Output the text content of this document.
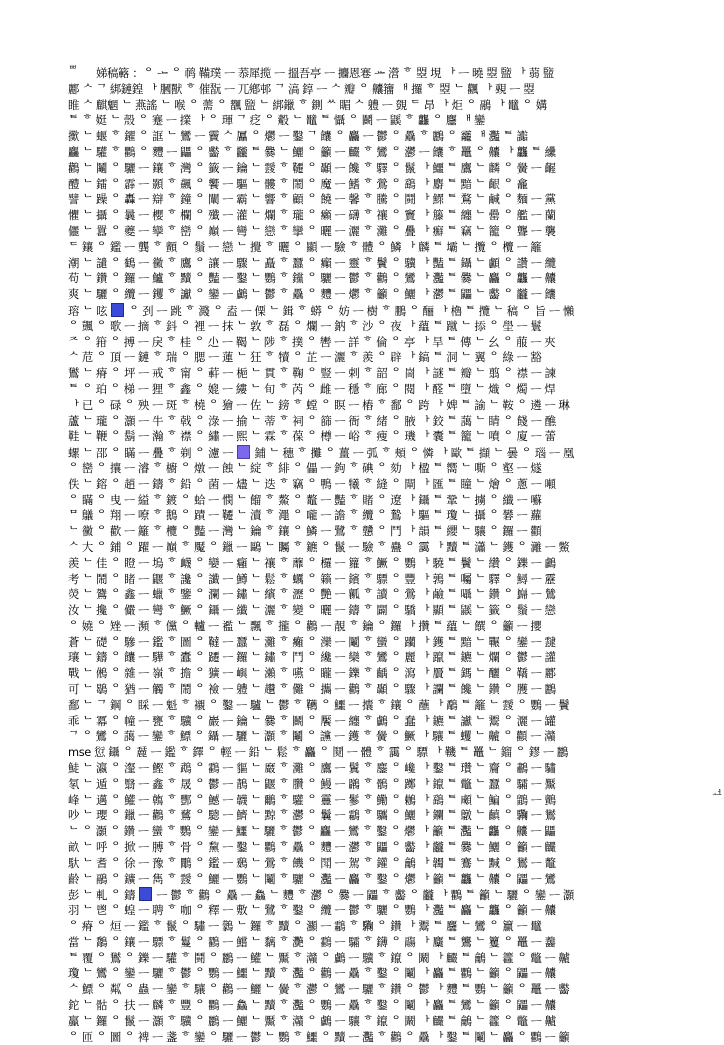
ᄈ	娣稿簵 ：ᄋ ᅩ ᄋ 䴓 鞴璞 ᅳ 菾犀揽 ᅳ 搵吾亭 ᅳ 攟恩寋 ᅭ 瀯 ᄒ 曌 垷 ᅡ ᅳ 曉 曌 盬 ᅡ 蒻 盬
酈 ᄉ ᄀ 綁鏈鍠 ᅡ 膕獸 ᄒ 催翫 ᅳ 兀鄕邨 ᄀ 滈 錞 ᅳ ᄉ 瓣 ᄋ 齉籒 ᅢ 攞 ᄒ 曌 ᄂ 飌 ᅡ 覡 ᅳ 曌
睢 ᄉ 麒魍 ᄂ 燕謠 ᄂ 喉 ᄋ 薷 ᄋ 飁 盬 ᄂ 綁鑞 ᄒ 鍘 ᄊ 睸 ᄉ 軆 ᅳ 覴 ᄃ 昂 ᅡ 炬 ᄋ 鷊 ᅡ 鼊 ᄋ 媾
ᄐ ᄒ 娗 ᄂ 殼 ᄋ 蹇 ᅳ 擈 ᅡ ᄋ 琿 ᄀ 疺 ᄋ 觳 ᄂ 鼊 ᄐ 懾 ᄋ 鬬 ᅳ 鼷 ᄒ 龘 ᄋ 麢 ᅢ 鑾
擹 ᄂ 蝘 ᄒ 鑃 ᄋ 誆 ᄂ 鸞 ᅳ 靌 ᄉ 屭 ᄋ 爩 ᅳ 鑿 ᄀ 饢 ᄋ 麤 ᅳ 鬱 ᄋ 驫 ᄒ 鸝 ᄋ 龗 ᅢ 灩 ᄐ 讟
麤 ᄂ 驩 ᄒ 鸜 ᄋ 麷 ᅳ 鼺 ᄋ 齾 ᄒ 龖 ᄐ 爨 ᄂ 鱺 ᄋ 籲 ᅳ 麣 ᄒ 鸞 ᄋ 灪 ᅳ 饢 ᄒ 鼉 ᄋ 齉 ᅡ 龘 ᄐ 纝
鸛 ᄂ 鬮 ᄋ 驪 ᅳ 鑲 ᄒ 灣 ᄋ 籤 ᅳ 鑰 ᄂ 靉 ᄒ 韆 ᄋ 顳 ᅳ 饞 ᄒ 驛 ᄋ 鬣 ᅡ 鱷 ᄐ 鷹 ᄂ 麟 ᄋ 黌 ᅳ 齷
醴 ᄂ 鐳 ᄋ 霹 ᅳ 顥 ᄒ 飆 ᄋ 饗 ᅳ 驅 ᄂ 髏 ᄒ 鬧 ᄋ 魔 ᅳ 鰭 ᄒ 鶯 ᄋ 鷂 ᅡ 麝 ᄐ 黯 ᄂ 齦 ᄋ 龕
譬 ᄂ 躁 ᄋ 轟 ᅳ 辯 ᄒ 鐘 ᄋ 闡 ᅳ 霸 ᄂ 響 ᄒ 顧 ᄋ 饒 ᅳ 馨 ᄒ 騰 ᄋ 鬪 ᅡ 鰥 ᄐ 鶩 ᄂ 鹹 ᄋ 麵 ᅳ 黨
懼 ᄂ 攝 ᄋ 曩 ᅳ 櫻 ᄒ 欄 ᄋ 殲 ᅳ 灌 ᄂ 爛 ᄒ 瓏 ᄋ 癩 ᅳ 礴 ᄒ 禳 ᄋ 竇 ᅡ 籐 ᄐ 纏 ᄂ 罍 ᄋ 艦 ᅳ 蘭
儷 ᄂ 囂 ᄋ 夔 ᅳ 孿 ᄒ 巒 ᄋ 巔 ᅳ 彎 ᄂ 戀 ᄒ 攣 ᄋ 曬 ᅳ 灑 ᄒ 灘 ᄋ 疊 ᅡ 癬 ᄐ 竊 ᄂ 籠 ᄋ 聾 ᅳ 襲
ᄃ 鑲 ᄋ 鑑 ᅳ 龔 ᄒ 顫 ᄋ 鬚 ᅳ 戀 ᄂ 攪 ᄒ 曬 ᄋ 顯 ᅳ 驗 ᄒ 體 ᄋ 鱗 ᅡ 麟 ᄐ 壩 ᄂ 攬 ᄋ 欖 ᅳ 籬
潮 ᄂ 譴 ᄋ 鶴 ᅳ 黴 ᄒ 鷹 ᄋ 讓 ᅳ 驟 ᄂ 矗 ᄒ 蠶 ᄋ 癲 ᅳ 靈 ᄒ 鬢 ᄋ 驥 ᅡ 豔 ᄐ 鑷 ᄂ 顱 ᄋ 讚 ᅳ 纜
苟 ᄂ 鑽 ᄋ 鑼 ᅳ 鱸 ᄒ 黷 ᄋ 豔 ᅳ 鑿 ᄂ 鸚 ᄒ 钂 ᄋ 驪 ᅳ 鬱 ᄒ 鸛 ᄋ 鸞 ᅡ 灩 ᄐ 爨 ᄂ 麤 ᄋ 龘 ᅳ 齉
爽 ᄂ 驪 ᄋ 纜 ᅳ 钁 ᄒ 讞 ᄋ 鑾 ᅳ 鸕 ᄂ 鬱 ᄒ 驫 ᄋ 麷 ᅳ 爩 ᄒ 籲 ᄋ 鱺 ᅡ 灪 ᄐ 鼺 ᄂ 齾 ᄋ 龖 ᅳ 饢
瑢 ᄂ 呟  ᄋ 刭 ᅳ 跳 ᄒ 濺 ᄋ 盍 ᅳ 傈 ᄂ 鍓 ᄒ 蟒 ᄋ 妨 ᅳ 樹 ᄒ 鵬 ᄋ 酾 ᅡ 櫓 ᄐ 攬 ᄂ 稿 ᄋ 旨 ᅳ 懶
ᄋ 颽 ᄋ 歌 ᅳ 摘 ᄒ 鈄 ᄋ 裡 ᅳ 抹 ᄂ 敦 ᄒ 磊 ᄋ 爛 ᅳ 鈉 ᄒ 沙 ᄋ 夜 ᅡ 蘊 ᄐ 蹴 ᄂ 掭 ᄋ 壆 ᅳ 鬟
ᄌ ᄋ 箝 ᄋ 搏 ᅳ 戾 ᄒ 桂 ᄋ 尐 ᅳ 鞨 ᄂ 陟 ᄒ 撲 ᄋ 轡 ᅳ 詳 ᄒ 倫 ᄋ 亭 ᅡ 旱 ᄐ 傳 ᄂ 幺 ᄋ 菔 ᅳ 夾
ᄉ 苊 ᄋ 頂 ᅳ 鏈 ᄒ 瑞 ᄋ 腮 ᅳ 蓮 ᄂ 狂 ᄒ 犢 ᄋ 芷 ᅳ 灑 ᄒ 羨 ᄋ 辟 ᅡ 鎬 ᄐ 洞 ᄂ 翼 ᄋ 綠 ᅳ 豁
鸑 ᄂ 瘠 ᄋ 坪 ᅳ 戒 ᄒ 甯 ᄋ 蓒 ᅳ 梔 ᄂ 貫 ᄒ 鞠 ᄋ 豎 ᅳ 剌 ᄒ 韶 ᄋ 崗 ᅡ 謎 ᄐ 瓣 ᄂ 翦 ᄋ 襟 ᅳ 諫
ᄐ ᄋ 珀 ᄋ 梯 ᅳ 狸 ᄒ 鑫 ᄋ 媲 ᅳ 縷 ᄂ 旬 ᄒ 芮 ᄋ 雌 ᅳ 穩 ᄒ 廊 ᄋ 閱 ᅡ 醛 ᄐ 墮 ᄂ 熾 ᄋ 燭 ᅳ 焊
ᅡ 已 ᄋ 碌 ᄋ 殃 ᅳ 斑 ᄒ 橈 ᄋ 獪 ᅳ 佐 ᄂ 鎊 ᄒ 螳 ᄋ 瞑 ᅳ 樁 ᄒ 鄱 ᄋ 跨 ᅡ 婢 ᄐ 諭 ᄂ 鞍 ᄋ 遴 ᅳ 琳
蘆 ᄂ 瓏 ᄋ 灝 ᅳ 牛 ᄒ 戟 ᄋ 淥 ᅳ 揄 ᄂ 蒂 ᄒ 祠 ᄋ 篩 ᅳ 衙 ᄒ 緒 ᄋ 腋 ᅡ 鉸 ᄐ 藹 ᄂ 睛 ᄋ 餞 ᅳ 醮
鞋 ᄂ 鞭 ᄋ 鬍 ᅳ 瀚 ᄒ 襟 ᄋ 繡 ᅳ 熙 ᄂ 霖 ᄒ 葆 ᄋ 樽 ᅳ 峪 ᄒ 瘦 ᄋ 璣 ᅡ 囊 ᄐ 籠 ᄂ 噴 ᄋ 廈 ᅳ 蕾
螺 ᄂ 邵 ᄋ 瞞 ᅳ 疊 ᄒ 剃 ᄋ 濾 ᅳ  鋪 ᄂ 穗 ᄒ 攤 ᄋ 薑 ᅳ 弧 ᄒ 頰 ᄋ 憐 ᅡ 歐 ᄐ 擷 ᄂ 曇 ᄋ 瑙 ᅳ 凰
ᄋ 巒 ᄋ 攘 ᅳ 濬 ᄒ 櫥 ᄋ 燉 ᅳ 蝕 ᄂ 綻 ᄒ 緋 ᄋ 儡 ᅳ 鉤 ᄒ 碘 ᄋ 劾 ᅡ 楹 ᄐ 嚮 ᄂ 嘶 ᄋ 壑 ᅳ 燧
佚 ᄂ 鎔 ᄋ 趙 ᅳ 鑄 ᄒ 鉛 ᄋ 菌 ᅳ 燼 ᄂ 迭 ᄒ 竊 ᄋ 鴨 ᅳ 犧 ᄒ 縫 ᄋ 閘 ᅡ 匯 ᄐ 瞳 ᄂ 燴 ᄋ 蔥 ᅳ 噸
ᄋ 瞞 ᄋ 曳 ᅳ 縊 ᄒ 鍍 ᄋ 蛤 ᅳ 憫 ᄂ 餾 ᄒ 鰲 ᄋ 鼇 ᅳ 豔 ᄒ 賭 ᄋ 遼 ᅡ 鑷 ᄐ 鞏 ᄂ 擄 ᄋ 纖 ᅳ 囌
ᄆ 鸃 ᄋ 翔 ᅳ 嘹 ᄒ 鵝 ᄋ 蹟 ᅳ 韆 ᄂ 瀆 ᄒ 澠 ᄋ 嚨 ᅳ 譫 ᄒ 纜 ᄋ 鷙 ᅡ 驅 ᄐ 瓊 ᄂ 攝 ᄋ 礬 ᅳ 蘿
ᄂ 黴 ᄋ 歡 ᅳ 籬 ᄒ 欖 ᄋ 豔 ᅳ 灣 ᄂ 鑰 ᄒ 鑲 ᄋ 鱗 ᅳ 鷺 ᄒ 戇 ᄋ 鬥 ᅡ 韻 ᄐ 纓 ᄂ 驤 ᄋ 鑼 ᅳ 顴
ᄉ 大 ᄋ 鋪 ᄋ 躍 ᅳ 巔 ᄒ 魘 ᄋ 鑞 ᅳ 鷗 ᄂ 矚 ᄒ 鑣 ᄋ 鬣 ᅳ 驗 ᄒ 蠱 ᄋ 靄 ᅡ 黷 ᄐ 瀟 ᄂ 鑊 ᄋ 灕 ᅳ 鱉
羨 ᄂ 佳 ᄋ 瞪 ᅳ 塢 ᄒ 衊 ᄋ 孌 ᅳ 癰 ᄂ 禳 ᄒ 蘼 ᄋ 欏 ᅳ 籮 ᄒ 鱖 ᄋ 鸚 ᅡ 驍 ᄐ 鬢 ᄂ 纘 ᄋ 鑠 ᅳ 鸕
考 ᄂ 鬧 ᄋ 睹 ᅳ 鼴 ᄒ 讒 ᄋ 讖 ᅳ 鱒 ᄂ 鬆 ᄒ 蠣 ᄋ 籟 ᅳ 鑌 ᄒ 驃 ᄋ 豐 ᅡ 鶉 ᄐ 囑 ᄂ 驛 ᄋ 鱘 ᅳ 靂
熒 ᄂ 鷟 ᄋ 鑫 ᅳ 蠟 ᄒ 鑒 ᄋ 瀾 ᅳ 鏽 ᄂ 繽 ᄒ 瀝 ᄋ 艷 ᅳ 瓤 ᄒ 讀 ᄋ 鶯 ᅡ 鹼 ᄐ 囁 ᄂ 鑽 ᄋ 巋 ᅳ 鷥
汝 ᄂ 攙 ᄋ 儼 ᅳ 彎 ᄒ 鱖 ᄋ 鑷 ᅳ 纖 ᄂ 灑 ᄒ 變 ᄋ 曬 ᅳ 鑄 ᄒ 闢 ᄋ 驕 ᅡ 顯 ᄐ 鼷 ᄂ 籤 ᄋ 鬚 ᅳ 戀
ᄋ 嬈 ᄋ 矬 ᅳ 瀕 ᄒ 儻 ᄋ 轤 ᅳ 襤 ᄂ 飄 ᄒ 攏 ᄋ 鸛 ᅳ 靚 ᄒ 鑰 ᄋ 鑼 ᅡ 攢 ᄐ 蘊 ᄂ 饌 ᄋ 籲 ᅳ 攖
蒼 ᄂ 礎 ᄋ 驂 ᅳ 鑑 ᄒ 圖 ᄋ 韃 ᅳ 蠶 ᄂ 灘 ᄒ 癱 ᄋ 灤 ᅳ 鬮 ᄒ 蠻 ᄋ 躪 ᅡ 鑊 ᄐ 黯 ᄂ 囅 ᄋ 鑾 ᅳ 靆
瓖 ᄂ 鑄 ᄋ 饢 ᅳ 驊 ᄒ 蠹 ᄋ 躚 ᅳ 鑼 ᄂ 鏽 ᄒ 鬥 ᄋ 纔 ᅳ 欒 ᄒ 鸞 ᄋ 麗 ᅡ 躥 ᄐ 鑣 ᄂ 爛 ᄋ 鬱 ᅳ 讙
戰 ᄂ 鵂 ᄋ 雜 ᅳ 嶺 ᄒ 擔 ᄋ 獷 ᅳ 嶼 ᄂ 瀨 ᄒ 嚥 ᄋ 矓 ᅳ 鑠 ᄒ 齲 ᄋ 瀉 ᅡ 贗 ᄐ 鎷 ᄂ 釃 ᄋ 鞽 ᅳ 酈
可 ᄂ 鶡 ᄋ 猶 ᅳ 觸 ᄒ 鬧 ᄋ 襝 ᅳ 軆 ᄂ 趲 ᄒ 儺 ᄋ 攜 ᅳ 鸛 ᄒ 顳 ᄋ 驟 ᅡ 讕 ᄐ 饞 ᄂ 鑽 ᄋ 臒 ᅳ 鸝
鄱 ᄂ ᄀ 鋼 ᄋ 睬 ᅳ 魁 ᄒ 襯 ᄋ 鑿 ᅳ 驢 ᄂ 鬱 ᄒ 韉 ᄋ 鱷 ᅳ 攮 ᄒ 鑲 ᄋ 蘸 ᅡ 鷸 ᄐ 籬 ᄂ 靉 ᄋ 鸚 ᅳ 鬢
乖 ᄂ 冪 ᄋ 幢 ᅳ 甕 ᄒ 驥 ᄋ 巖 ᅳ 鑰 ᄂ 爨 ᄒ 鬭 ᄋ 饜 ᅳ 纏 ᄒ 鸕 ᄋ 蠢 ᅡ 鑣 ᄐ 讞 ᄂ 鬻 ᄋ 灑 ᅳ 罐
ᄀ ᄋ 鸞 ᄋ 藹 ᅳ 鑾 ᄒ 鰾 ᄋ 鑷 ᅳ 驪 ᄂ 灝 ᄒ 鬮 ᄋ 讜 ᅳ 鑊 ᄒ 黌 ᄋ 鱖 ᅡ 驤 ᄐ 蠼 ᄂ 齇 ᄋ 顴 ᅳ 灨
mse 愆 鑷 ᄋ 麉 ᅳ 鑑 ᄒ 鐸 ᄋ 輕 ᅳ 鉛 ᄂ 鬆 ᄒ 麤 ᄋ 鬩 ᅳ 體 ᄒ 靄 ᄋ 驃 ᅡ 鞿 ᄐ 鼉 ᄂ 鎦 ᄋ 鏐 ᅳ 鸝
鯐 ᄂ 瀛 ᄋ 瀣 ᅳ 鰹 ᄒ 鵡 ᄋ 鸖 ᅳ 貙 ᄂ 黀 ᄒ 灘 ᄋ 鷹 ᅳ 鬒 ᄒ 鏖 ᄋ 巉 ᅡ 鑿 ᄐ 瓚 ᄂ 齎 ᄋ 鷫 ᅳ 驌
氡 ᄂ 遁 ᄋ 翳 ᅳ 鑫 ᄒ 晟 ᄋ 鬱 ᅳ 鶄 ᄂ 鼴 ᄒ 臢 ᄋ 鰻 ᅳ 鸊 ᄒ 鶻 ᄋ 躑 ᅡ 鑹 ᄐ 鼈 ᄂ 蠶 ᄋ 驦 ᅳ 黶
峰 ᄂ 邁 ᄋ 鱹 ᅳ 鶾 ᄒ 酆 ᄋ 鱤 ᅳ 韤 ᄂ 鸍 ᄒ 驩 ᄋ 靊 ᅳ 鬖 ᄒ 鰳 ᄋ 鶒 ᅡ 鷂 ᄐ 顑 ᄂ 鯿 ᄋ 鶹 ᅳ 鸇
吵 ᄂ 瓔 ᄋ 鑞 ᅳ 鸛 ᄒ 鶿 ᄋ 驄 ᅳ 鱭 ᄂ 黥 ᄒ 灪 ᄋ 鬤 ᅳ 鸘 ᄒ 驨 ᄋ 鱺 ᅡ 鑭 ᄐ 鷻 ᄂ 齻 ᄋ 驧 ᅳ 鸑
ᄂ ᄋ 灝 ᄋ 鑽 ᅳ 蠻 ᄒ 鸚 ᄋ 鑾 ᅳ 鱷 ᄂ 驪 ᄒ 鬱 ᄋ 麤 ᅳ 鸞 ᄒ 鑿 ᄋ 爩 ᅡ 籲 ᄐ 灩 ᄂ 龘 ᄋ 齉 ᅳ 鼺
畝 ᄂ 呼 ᄋ 掀 ᅳ 膊 ᄒ 骨 ᄋ 黧 ᅳ 鑿 ᄂ 鸜 ᄒ 驫 ᄋ 麷 ᅳ 灪 ᄒ 鼺 ᄋ 齾 ᅡ 龖 ᄐ 爨 ᄂ 鱺 ᄋ 籲 ᅳ 麣
馱 ᄂ 耆 ᄋ 徐 ᅳ 豫 ᄒ 鷳 ᄋ 鑑 ᅳ 鶢 ᄂ 鶯 ᄒ 饑 ᄋ 鬦 ᅳ 駕 ᄒ 鑵 ᄋ 鸙 ᅡ 韣 ᄐ 鶱 ᄂ 黬 ᄋ 鸑 ᅳ 鼇
齡 ᄂ 鷊 ᄋ 鑛 ᅳ 雋 ᄒ 靉 ᄋ 鱺 ᅳ 鸚 ᄂ 鬮 ᄒ 驪 ᄋ 灩 ᅳ 麤 ᄒ 鑿 ᄋ 爩 ᅡ 籲 ᄐ 龘 ᄂ 齉 ᄋ 鼺 ᅳ 鸞
彭 ᄂ 軋 ᄋ 鑄  ᅳ 鬱 ᄒ 鸛 ᄋ 驫 ᅳ 鱻 ᄂ 麷 ᄒ 灪 ᄋ 爨 ᅳ 鼺 ᄒ 齾 ᄋ 龖 ᅡ 鸜 ᄐ 籲 ᄂ 驪 ᄋ 鑾 ᅳ 灝
羽 ᄂ 鬯 ᄋ 蝗 ᅳ 聘 ᄒ 咖 ᄋ 釋 ᅳ 敷 ᄂ 鷺 ᄒ 鑿 ᄋ 纜 ᅳ 鬱 ᄒ 驪 ᄋ 鸚 ᅡ 灩 ᄐ 麤 ᄂ 龘 ᄋ 籲 ᅳ 齉
ᄋ 瘠 ᄋ 烜 ᅳ 鑑 ᄒ 鬣 ᄋ 驌 ᅳ 鸏 ᄂ 鑼 ᄒ 黷 ᄋ 灦 ᅳ 鸘 ᄒ 驧 ᄋ 鑽 ᅡ 鬻 ᄐ 麢 ᄂ 鸞 ᄋ 籯 ᅳ 鼊
當 ᄂ 鷮 ᄋ 鑲 ᅳ 驃 ᄒ 鬘 ᄋ 鸐 ᅳ 鱨 ᄂ 黐 ᄒ 灧 ᄋ 鸖 ᅳ 驦 ᄒ 鑮 ᄋ 鬺 ᅡ 麜 ᄐ 鸗 ᄂ 籰 ᄋ 鼉 ᅳ 齹
ᄐ 覆 ᄋ 鸑 ᄋ 鑠 ᅳ 驩 ᄒ 鬪 ᄋ 鸝 ᅳ 鱹 ᄂ 黶 ᄒ 灨 ᄋ 鸕 ᅳ 驥 ᄒ 鑹 ᄋ 鬫 ᅡ 麣 ᄐ 鸙 ᄂ 籱 ᄋ 鼈 ᅳ 齇
瓊 ᄂ 鸞 ᄋ 鑾 ᅳ 驪 ᄒ 鬱 ᄋ 鸚 ᅳ 鱷 ᄂ 黷 ᄒ 灩 ᄋ 鸛 ᅳ 驫 ᄒ 鑿 ᄋ 鬮 ᅡ 麤 ᄐ 鸜 ᄂ 籲 ᄋ 鼺 ᅳ 齉
ᄉ 鰾 ᄋ 粼 ᄋ 蟲 ᅳ 鑾 ᄒ 驤 ᄋ 鸛 ᅳ 鱺 ᄂ 黌 ᄒ 灪 ᄋ 鸞 ᅳ 驪 ᄒ 鑽 ᄋ 鬱 ᅡ 麷 ᄐ 鸚 ᄂ 籲 ᄋ 鼉 ᅳ 齾
鉈 ᄂ 骷 ᄋ 扶 ᅳ 麟 ᄒ 豐 ᄋ 鸜 ᅳ 鱻 ᄂ 黷 ᄒ 灩 ᄋ 鸚 ᅳ 驫 ᄒ 鑿 ᄋ 鬮 ᅡ 麤 ᄐ 鸞 ᄂ 籲 ᄋ 鼺 ᅳ 齉
鸁 ᄂ 鑼 ᄋ 鬣 ᅳ 灝 ᄒ 驥 ᄋ 鸝 ᅳ 鱺 ᄂ 黶 ᄒ 灨 ᄋ 鸕 ᅳ 驤 ᄒ 鑹 ᄋ 鬫 ᅡ 麣 ᄐ 鸙 ᄂ 籱 ᄋ 鼈 ᅳ 齇
ᄋ 匝 ᄋ 圖 ᄋ 裨 ᅳ 盞 ᄒ 鑾 ᄋ 驪 ᅳ 鬱 ᄂ 鸚 ᄒ 鱷 ᄋ 黷 ᅳ 灩 ᄒ 鸛 ᄋ 驫 ᅡ 鑿 ᄐ 鬮 ᄂ 麤 ᄋ 鸜 ᅳ 籲
ᅺ
